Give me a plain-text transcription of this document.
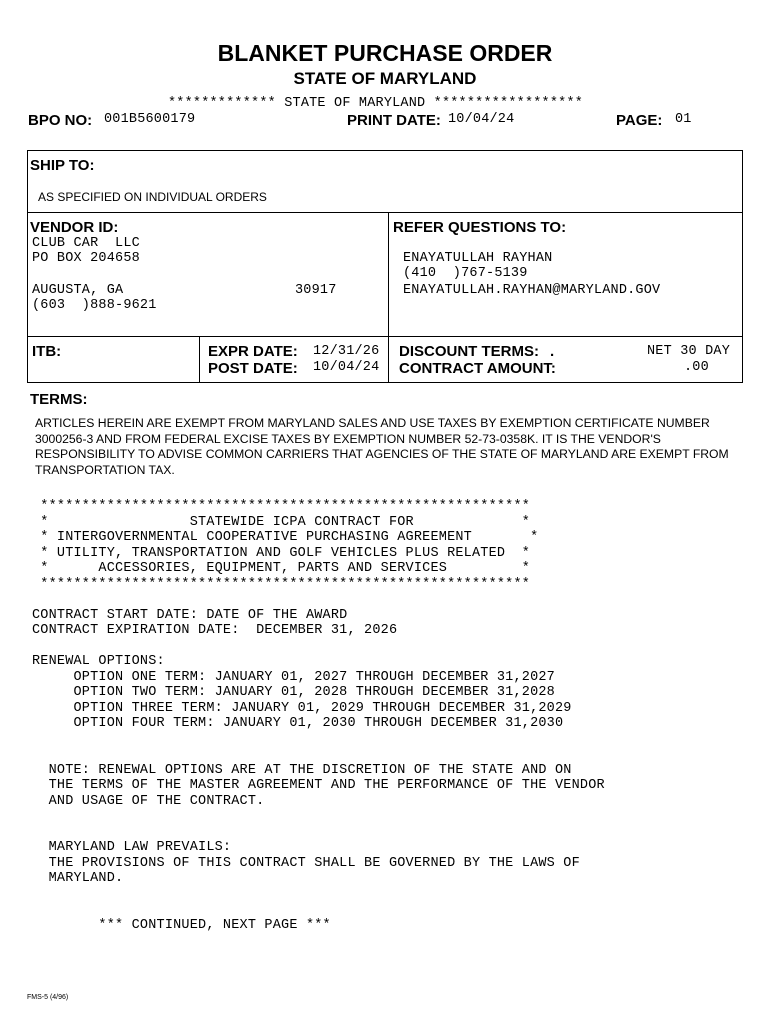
BLANKET PURCHASE ORDER
STATE OF MARYLAND
************* STATE OF MARYLAND ******************
BPO NO: 001B5600179	PRINT DATE: 10/04/24	PAGE: 01
SHIP TO:
AS SPECIFIED ON INDIVIDUAL ORDERS
VENDOR ID:
CLUB CAR  LLC
PO BOX 204658
AUGUSTA, GA	30917
(603  )888-9621
REFER QUESTIONS TO:
ENAYATULLAH RAYHAN
(410  )767-5139
ENAYATULLAH.RAYHAN@MARYLAND.GOV
ITB:	EXPR DATE: 12/31/26
POST DATE: 10/04/24
DISCOUNT TERMS: .	NET 30 DAY
CONTRACT AMOUNT:	.00
TERMS:
ARTICLES HEREIN ARE EXEMPT FROM MARYLAND SALES AND USE TAXES BY EXEMPTION CERTIFICATE NUMBER 3000256-3 AND FROM FEDERAL EXCISE TAXES BY EXEMPTION NUMBER 52-73-0358K. IT IS THE VENDOR'S RESPONSIBILITY TO ADVISE COMMON CARRIERS THAT AGENCIES OF THE STATE OF MARYLAND ARE EXEMPT FROM TRANSPORTATION TAX.
***********************************************************
*                 STATEWIDE ICPA CONTRACT FOR             *
* INTERGOVERNMENTAL COOPERATIVE PURCHASING AGREEMENT       *
* UTILITY, TRANSPORTATION AND GOLF VEHICLES PLUS RELATED  *
*      ACCESSORIES, EQUIPMENT, PARTS AND SERVICES         *
***********************************************************
CONTRACT START DATE: DATE OF THE AWARD
CONTRACT EXPIRATION DATE:  DECEMBER 31, 2026
RENEWAL OPTIONS:
OPTION ONE TERM: JANUARY 01, 2027 THROUGH DECEMBER 31,2027
OPTION TWO TERM: JANUARY 01, 2028 THROUGH DECEMBER 31,2028
OPTION THREE TERM: JANUARY 01, 2029 THROUGH DECEMBER 31,2029
OPTION FOUR TERM: JANUARY 01, 2030 THROUGH DECEMBER 31,2030
NOTE: RENEWAL OPTIONS ARE AT THE DISCRETION OF THE STATE AND ON
THE TERMS OF THE MASTER AGREEMENT AND THE PERFORMANCE OF THE VENDOR
AND USAGE OF THE CONTRACT.
MARYLAND LAW PREVAILS:
THE PROVISIONS OF THIS CONTRACT SHALL BE GOVERNED BY THE LAWS OF
MARYLAND.
*** CONTINUED, NEXT PAGE ***
FMS-5 (4/96)
